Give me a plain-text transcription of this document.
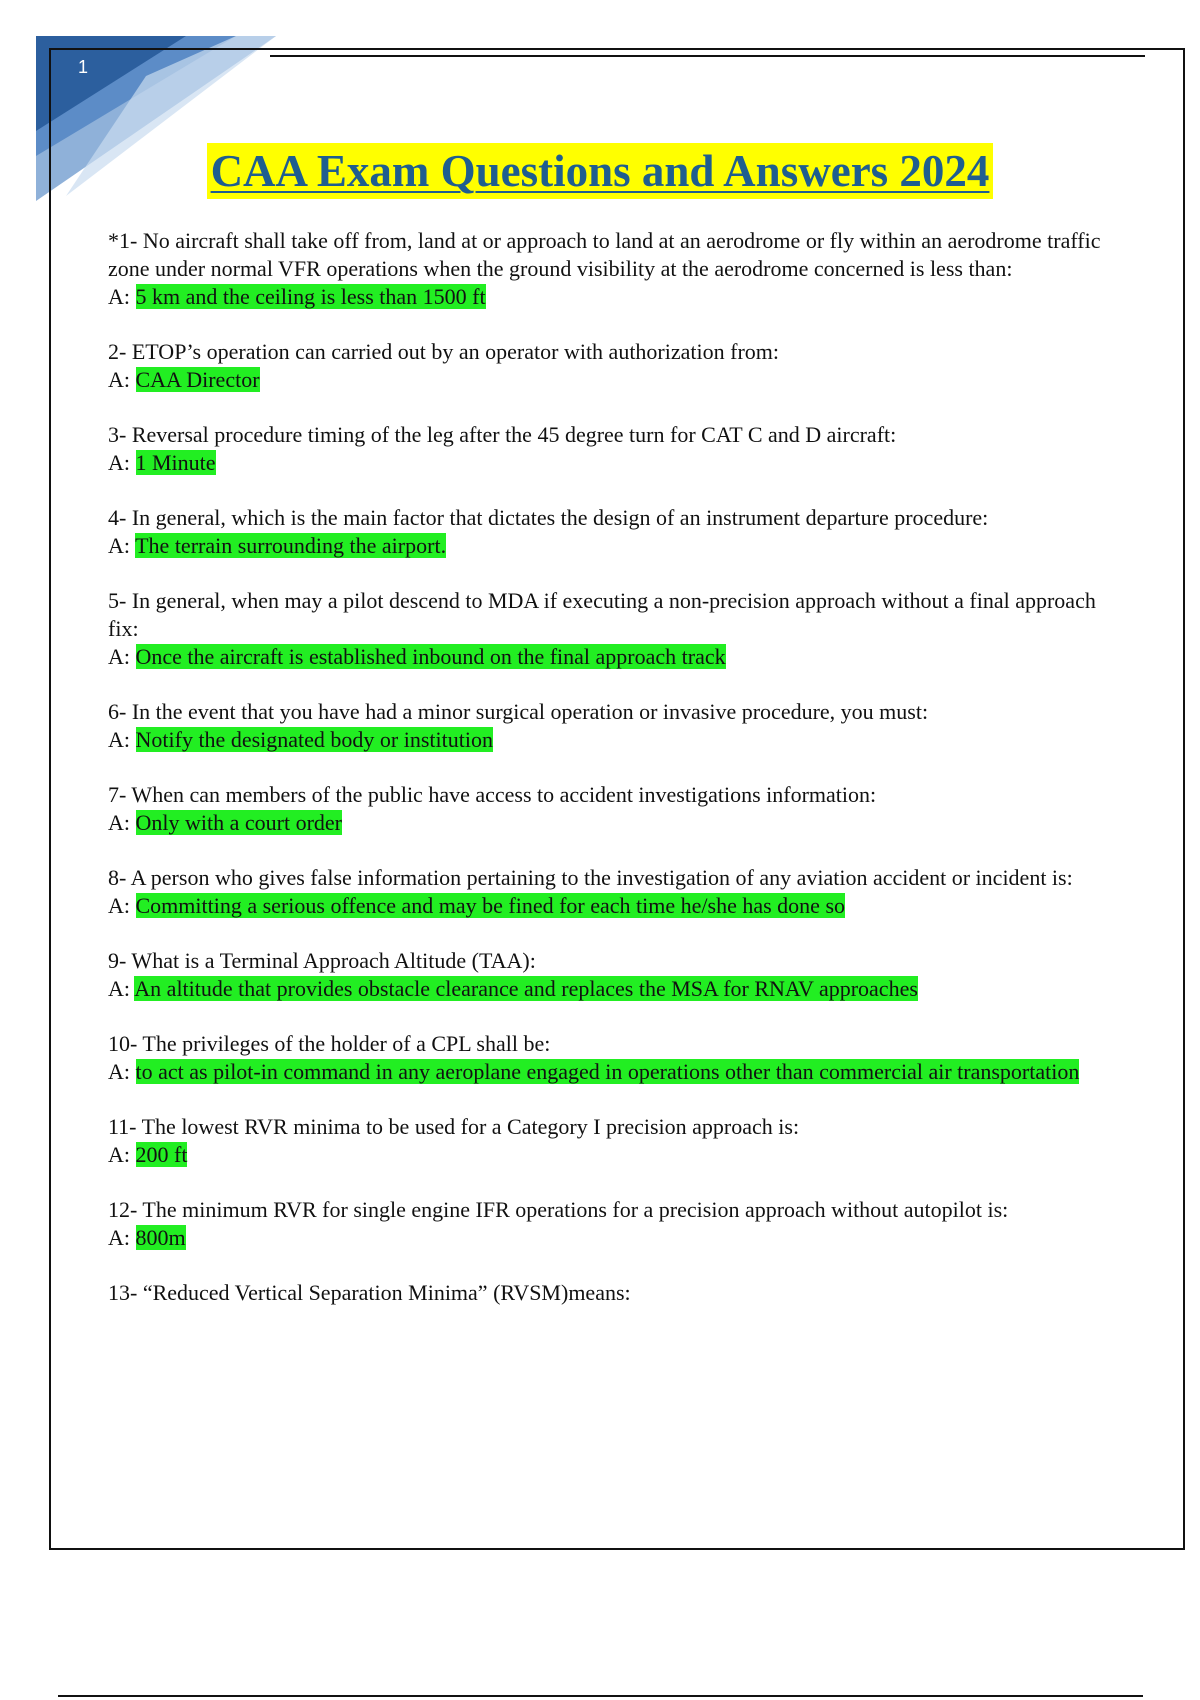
1
CAA Exam Questions and Answers 2024

*1- No aircraft shall take off from, land at or approach to land at an aerodrome or fly within an aerodrome traffic zone under normal VFR operations when the ground visibility at the aerodrome concerned is less than:

A: 5 km and the ceiling is less than 1500 ft

2- ETOP’s operation can carried out by an operator with authorization from:

A: CAA Director

3- Reversal procedure timing of the leg after the 45 degree turn for CAT C and D aircraft:

A: 1 Minute

4- In general, which is the main factor that dictates the design of an instrument departure procedure:

A: The terrain surrounding the airport.

5- In general, when may a pilot descend to MDA if executing a non-precision approach without a final approach fix:

A: Once the aircraft is established inbound on the final approach track

6- In the event that you have had a minor surgical operation or invasive procedure, you must:

A: Notify the designated body or institution

7- When can members of the public have access to accident investigations information:

A: Only with a court order

8- A person who gives false information pertaining to the investigation of any aviation accident or incident is:

A: Committing a serious offence and may be fined for each time he/she has done so

9- What is a Terminal Approach Altitude (TAA):

A: An altitude that provides obstacle clearance and replaces the MSA for RNAV approaches

10- The privileges of the holder of a CPL shall be:

A: to act as pilot-in command in any aeroplane engaged in operations other than commercial air transportation

11- The lowest RVR minima to be used for a Category I precision approach is:

A: 200 ft

12- The minimum RVR for single engine IFR operations for a precision approach without autopilot is:

A: 800m

13- “Reduced Vertical Separation Minima” (RVSM)means:
